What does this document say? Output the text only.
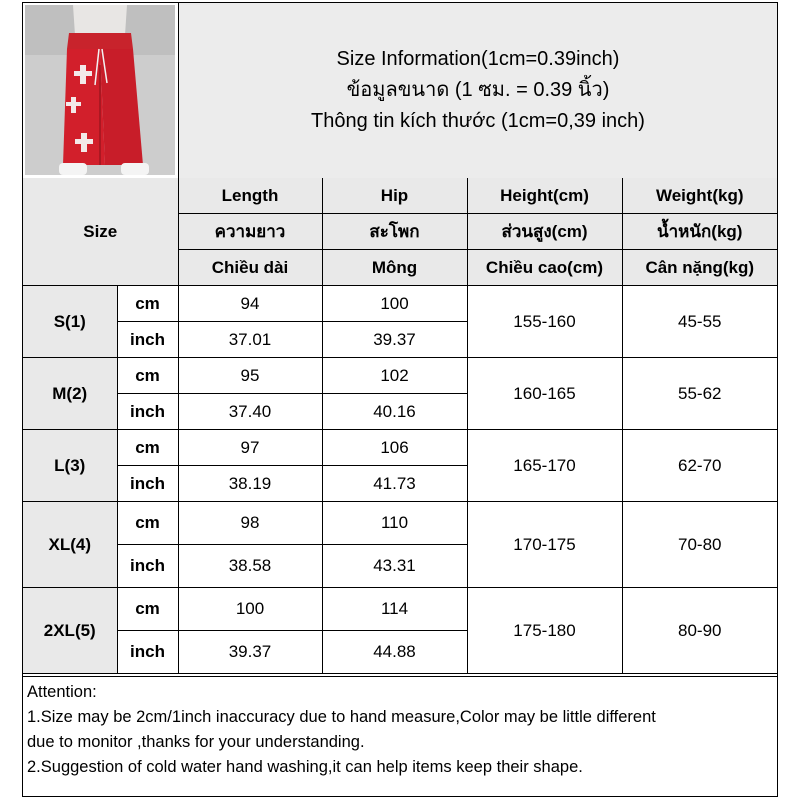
Size Information(1cm=0.39inch)
ข้อมูลขนาด (1 ซม. = 0.39 นิ้ว)
Thông tin kích thước (1cm=0,39 inch)
Size		Length	Hip	Height(cm)	Weight(kg)
		ความยาว	สะโพก	ส่วนสูง(cm)	น้ำหนัก(kg)
		Chiều dài	Mông	Chiều cao(cm)	Cân nặng(kg)
S(1)	cm	94	100	155-160	45-55
	inch	37.01	39.37		
M(2)	cm	95	102	160-165	55-62
	inch	37.40	40.16		
L(3)	cm	97	106	165-170	62-70
	inch	38.19	41.73		
XL(4)	cm	98	110	170-175	70-80
	inch	38.58	43.31		
2XL(5)	cm	100	114	175-180	80-90
	inch	39.37	44.88		
Attention:
1.Size may be 2cm/1inch inaccuracy due to hand measure,Color may be little different
due to monitor ,thanks for your understanding.
2.Suggestion of cold water hand washing,it can help items keep their shape.
